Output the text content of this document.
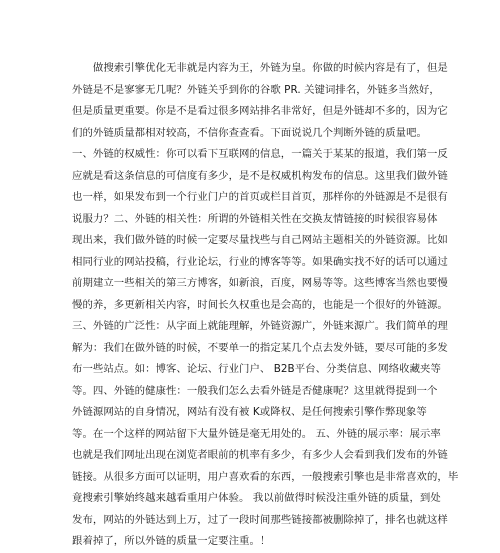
　　做搜索引擎优化无非就是内容为王，外链为皇。你做的时候内容是有了，但是
外链是不是寥寥无几呢？外链关乎到你的谷歌 PR. 关键词排名，外链多当然好，
但是质量更重要。你是不是看过很多网站排名非常好，但是外链却不多的，因为它
们的外链质量都相对较高，不信你查查看。下面说说几个判断外链的质量吧。
一、外链的权威性：你可以看下互联网的信息，一篇关于某某的报道，我们第一反
应就是看这条信息的可信度有多少，是不是权威机构发布的信息。这里我们做外链
也一样，如果发布到一个行业门户的首页或栏目首页，那样你的外链源是不是很有
说服力？二、外链的相关性：所谓的外链相关性在交换友情链接的时候很容易体
现出来，我们做外链的时候一定要尽量找些与自己网站主题相关的外链资源。比如
相同行业的网站投稿，行业论坛，行业的博客等等。如果确实找不好的话可以通过
前期建立一些相关的第三方博客，如新浪，百度，网易等等。这些博客当然也要慢
慢的养，多更新相关内容，时间长久权重也是会高的，也能是一个很好的外链源。
三、外链的广泛性：从字面上就能理解，外链资源广，外链来源广。我们简单的理
解为：我们在做外链的时候，不要单一的指定某几个点去发外链，要尽可能的多发
布一些站点。如：博客、论坛、行业门户、 B2B平台、分类信息、网络收藏夹等
等。四、外链的健康性：一般我们怎么去看外链是否健康呢？这里就得提到一个
外链源网站的自身情况，网站有没有被 K或降权、是任何搜索引擎作弊现象等
等。在一个这样的网站留下大量外链是毫无用处的。 五、外链的展示率：展示率
也就是我们网址出现在浏览者眼前的机率有多少，有多少人会看到我们发布的外链
链接。从很多方面可以证明，用户喜欢看的东西，一般搜索引擎也是非常喜欢的，毕
竟搜索引擎始终越来越看重用户体验。 我以前做得时候没注重外链的质量，到处
发布，网站的外链达到上万，过了一段时间那些链接都被删除掉了，排名也就这样
跟着掉了，所以外链的质量一定要注重。！
